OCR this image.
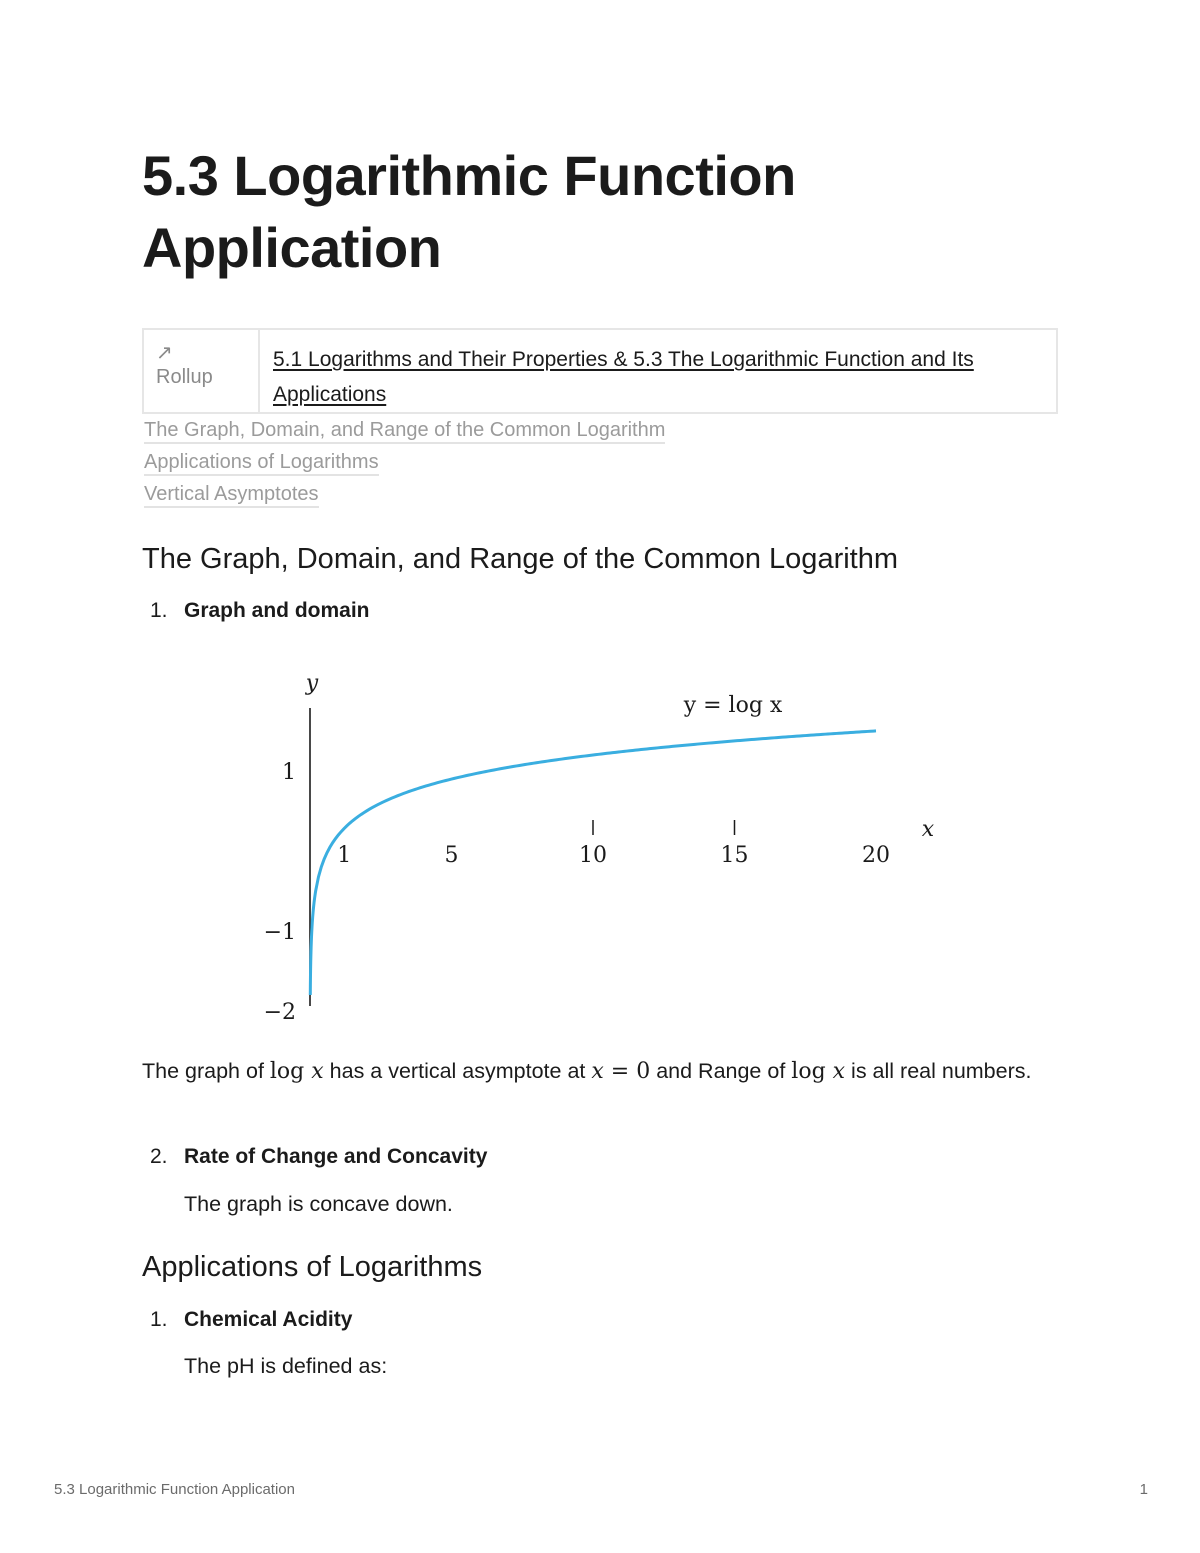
5.3 Logarithmic Function Application
↗
Rollup
5.1 Logarithms and Their Properties & 5.3 The Logarithmic Function and Its Applications
The Graph, Domain, and Range of the Common Logarithm
Applications of Logarithms
Vertical Asymptotes
The Graph, Domain, and Range of the Common Logarithm
1. Graph and domain
y
x
y = log x
1	5	10	15	20
1
−1
−2

The graph of log x has a vertical asymptote at x = 0 and Range of log x is all real numbers.

2. Rate of Change and Concavity
The graph is concave down.
Applications of Logarithms
1. Chemical Acidity
The pH is defined as:
5.3 Logarithmic Function Application	1
